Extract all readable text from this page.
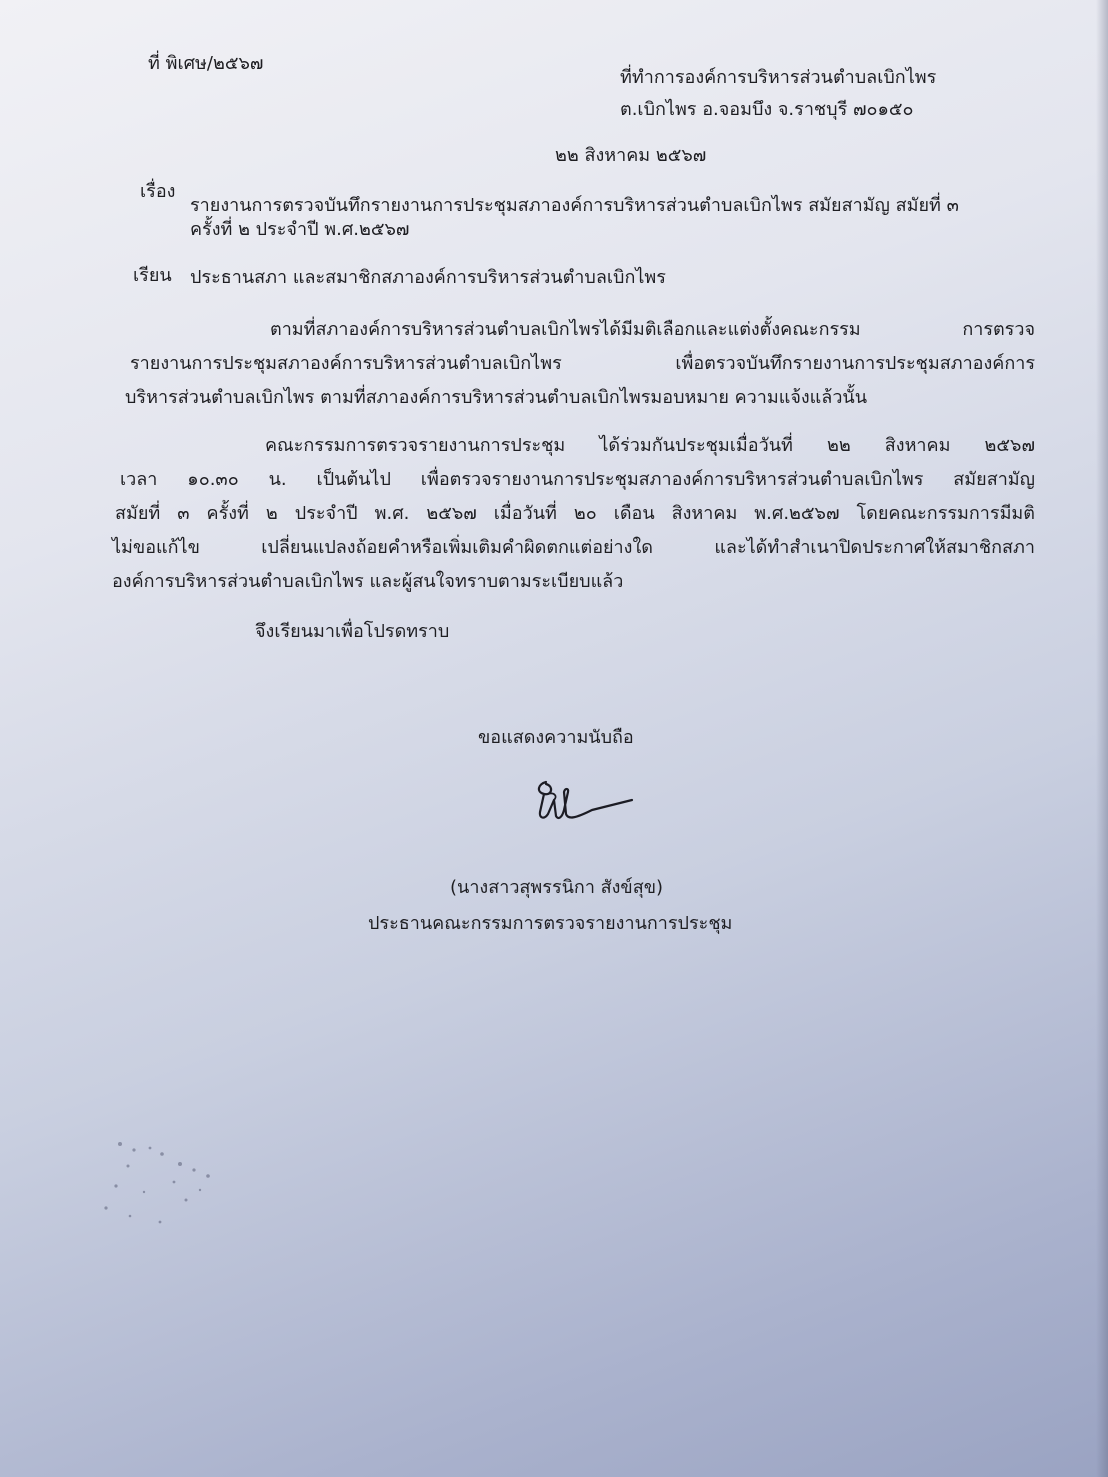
ที่ พิเศษ/๒๕๖๗
ที่ทำการองค์การบริหารส่วนตำบลเบิกไพร
ต.เบิกไพร อ.จอมบึง จ.ราชบุรี ๗๐๑๕๐
๒๒ สิงหาคม ๒๕๖๗
เรื่อง
รายงานการตรวจบันทึกรายงานการประชุมสภาองค์การบริหารส่วนตำบลเบิกไพร สมัยสามัญ สมัยที่ ๓
ครั้งที่ ๒ ประจำปี พ.ศ.๒๕๖๗
เรียน ประธานสภา และสมาชิกสภาองค์การบริหารส่วนตำบลเบิกไพร
ตามที่สภาองค์การบริหารส่วนตำบลเบิกไพรได้มีมติเลือกและแต่งตั้งคณะกรรม การตรวจ
รายงานการประชุมสภาองค์การบริหารส่วนตำบลเบิกไพร เพื่อตรวจบันทึกรายงานการประชุมสภาองค์การ
บริหารส่วนตำบลเบิกไพร ตามที่สภาองค์การบริหารส่วนตำบลเบิกไพรมอบหมาย ความแจ้งแล้วนั้น
คณะกรรมการตรวจรายงานการประชุม ได้ร่วมกันประชุมเมื่อวันที่ ๒๒ สิงหาคม ๒๕๖๗
เวลา ๑๐.๓๐ น. เป็นต้นไป เพื่อตรวจรายงานการประชุมสภาองค์การบริหารส่วนตำบลเบิกไพร สมัยสามัญ
สมัยที่ ๓ ครั้งที่ ๒ ประจำปี พ.ศ. ๒๕๖๗ เมื่อวันที่ ๒๐ เดือน สิงหาคม พ.ศ.๒๕๖๗ โดยคณะกรรมการมีมติ
ไม่ขอแก้ไข เปลี่ยนแปลงถ้อยคำหรือเพิ่มเติมคำผิดตกแต่อย่างใด และได้ทำสำเนาปิดประกาศให้สมาชิกสภา
องค์การบริหารส่วนตำบลเบิกไพร และผู้สนใจทราบตามระเบียบแล้ว
จึงเรียนมาเพื่อโปรดทราบ
ขอแสดงความนับถือ
(นางสาวสุพรรนิกา สังข์สุข)
ประธานคณะกรรมการตรวจรายงานการประชุม
